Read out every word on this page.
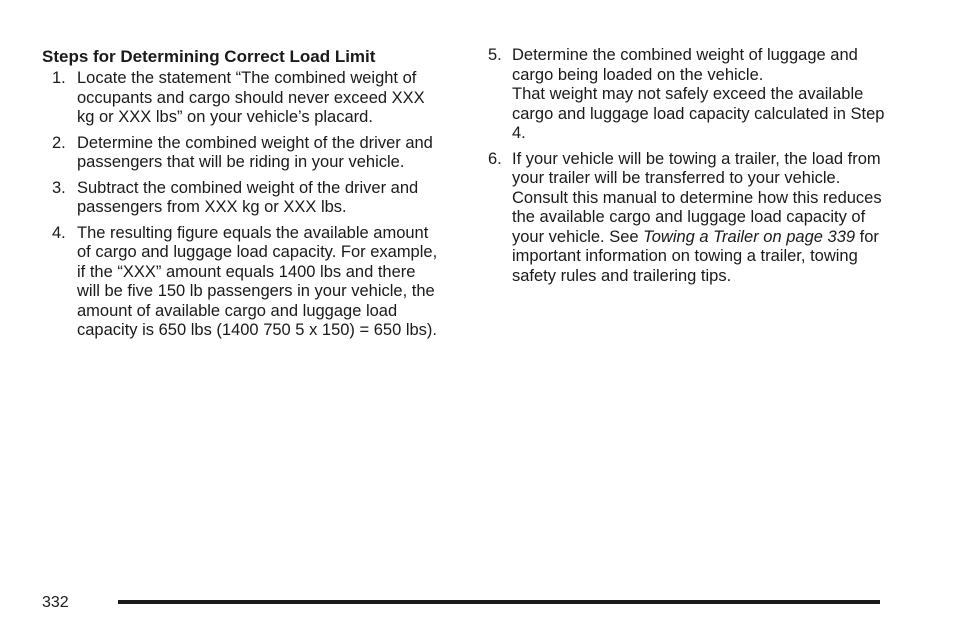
Steps for Determining Correct Load Limit
1. Locate the statement “The combined weight of occupants and cargo should never exceed XXX kg or XXX lbs” on your vehicle’s placard.
2. Determine the combined weight of the driver and passengers that will be riding in your vehicle.
3. Subtract the combined weight of the driver and passengers from XXX kg or XXX lbs.
4. The resulting figure equals the available amount of cargo and luggage load capacity. For example, if the “XXX” amount equals 1400 lbs and there will be five 150 lb passengers in your vehicle, the amount of available cargo and luggage load capacity is 650 lbs (1400 750 5 x 150) = 650 lbs).
5. Determine the combined weight of luggage and cargo being loaded on the vehicle.
That weight may not safely exceed the available cargo and luggage load capacity calculated in Step 4.
6. If your vehicle will be towing a trailer, the load from your trailer will be transferred to your vehicle. Consult this manual to determine how this reduces the available cargo and luggage load capacity of your vehicle. See Towing a Trailer on page 339 for important information on towing a trailer, towing safety rules and trailering tips.
332
